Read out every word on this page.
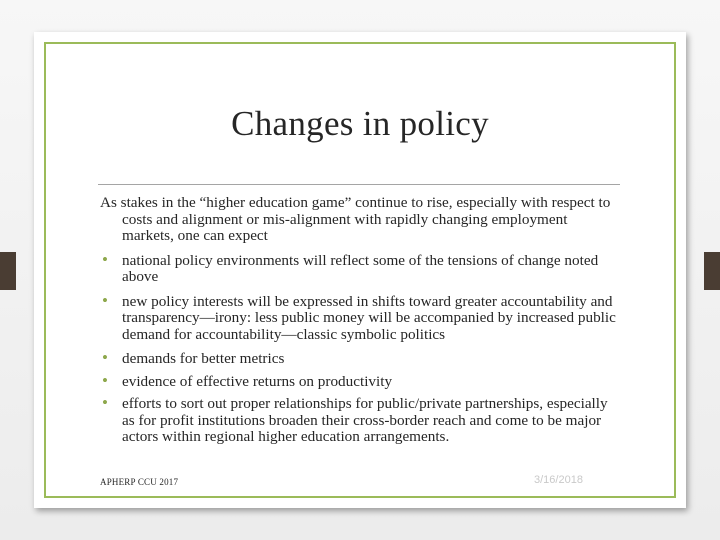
Changes in policy

As stakes in the “higher education game” continue to rise, especially with respect to costs and alignment or mis-alignment with rapidly changing employment markets, one can expect

• national policy environments will reflect some of the tensions of change noted above
• new policy interests will be expressed in shifts toward greater accountability and transparency—irony: less public money will be accompanied by increased public demand for accountability—classic symbolic politics
• demands for better metrics
• evidence of effective returns on productivity
• efforts to sort out proper relationships for public/private partnerships, especially as for profit institutions broaden their cross-border reach and come to be major actors within regional higher education arrangements.
APHERP CCU 2017	3/16/2018
